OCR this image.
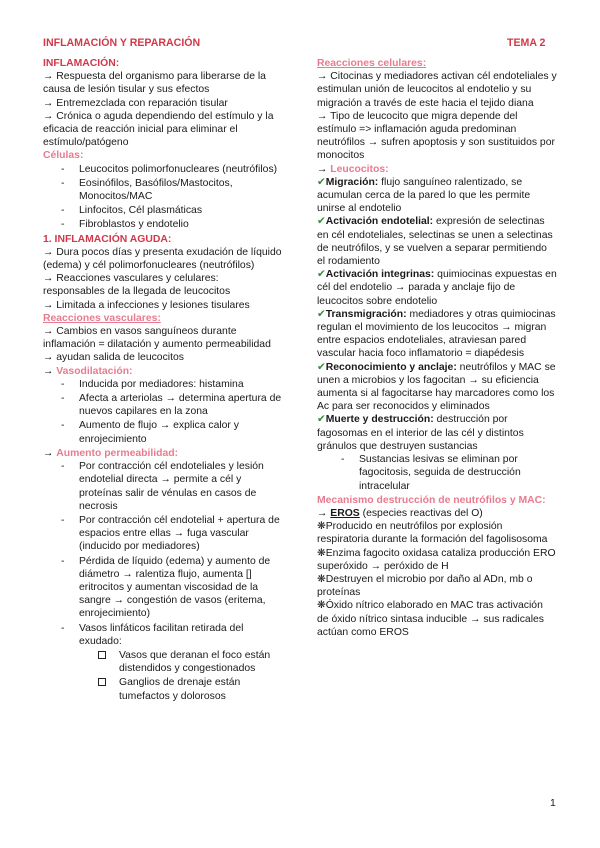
INFLAMACIÓN Y REPARACIÓN	TEMA 2

INFLAMACIÓN:

→ Respuesta del organismo para liberarse de la causa de lesión tisular y sus efectos

→ Entremezclada con reparación tisular

→ Crónica o aguda dependiendo del estímulo y la eficacia de reacción inicial para eliminar el estímulo/patógeno

Células:

- Leucocitos polimorfonucleares (neutrófilos)
- Eosinófilos, Basófilos/Mastocitos, Monocitos/MAC
- Linfocitos, Cél plasmáticas
- Fibroblastos y endotelio

1. INFLAMACIÓN AGUDA:

→ Dura pocos días y presenta exudación de líquido (edema) y cél polimorfonucleares (neutrófilos)

→ Reacciones vasculares y celulares: responsables de la llegada de leucocitos

→ Limitada a infecciones y lesiones tisulares

Reacciones vasculares:

→ Cambios en vasos sanguíneos durante inflamación = dilatación y aumento permeabilidad → ayudan salida de leucocitos

→ Vasodilatación:

- Inducida por mediadores: histamina
- Afecta a arteriolas → determina apertura de nuevos capilares en la zona
- Aumento de flujo → explica calor y enrojecimiento

→ Aumento permeabilidad:

- Por contracción cél endoteliales y lesión endotelial directa → permite a cél y proteínas salir de vénulas en casos de necrosis
- Por contracción cél endotelial + apertura de espacios entre ellas → fuga vascular (inducido por mediadores)
- Pérdida de líquido (edema) y aumento de diámetro → ralentiza flujo, aumenta [] eritrocitos y aumentan viscosidad de la sangre → congestión de vasos (eritema, enrojecimiento)
- Vasos linfáticos facilitan retirada del exudado:
Vasos que deranan el foco están distendidos y congestionados
Ganglios de drenaje están tumefactos y dolorosos

Reacciones celulares:

→ Citocinas y mediadores activan cél endoteliales y estimulan unión de leucocitos al endotelio y su migración a través de este hacia el tejido diana

→ Tipo de leucocito que migra depende del estímulo => inflamación aguda predominan neutrófilos → sufren apoptosis y son sustituidos por monocitos

→ Leucocitos:

✔Migración: flujo sanguíneo ralentizado, se acumulan cerca de la pared lo que les permite unirse al endotelio

✔Activación endotelial: expresión de selectinas en cél endoteliales, selectinas se unen a selectinas de neutrófilos, y se vuelven a separar permitiendo el rodamiento

✔Activación integrinas: quimiocinas expuestas en cél del endotelio → parada y anclaje fijo de leucocitos sobre endotelio

✔Transmigración: mediadores y otras quimiocinas regulan el movimiento de los leucocitos → migran entre espacios endoteliales, atraviesan pared vascular hacia foco inflamatorio = diapédesis

✔Reconocimiento y anclaje: neutrófilos y MAC se unen a microbios y los fagocitan → su eficiencia aumenta si al fagocitarse hay marcadores como los Ac para ser reconocidos y eliminados

✔Muerte y destrucción: destrucción por fagosomas en el interior de las cél y distintos gránulos que destruyen sustancias

- Sustancias lesivas se eliminan por fagocitosis, seguida de destrucción intracelular

Mecanismo destrucción de neutrófilos y MAC:

→ EROS (especies reactivas del O)

❋Producido en neutrófilos por explosión respiratoria durante la formación del fagolisosoma

❋Enzima fagocito oxidasa cataliza producción ERO superóxido → peróxido de H

❋Destruyen el microbio por daño al ADn, mb o proteínas

❋Óxido nítrico elaborado en MAC tras activación de óxido nítrico sintasa inducible → sus radicales actúan como EROS

1
